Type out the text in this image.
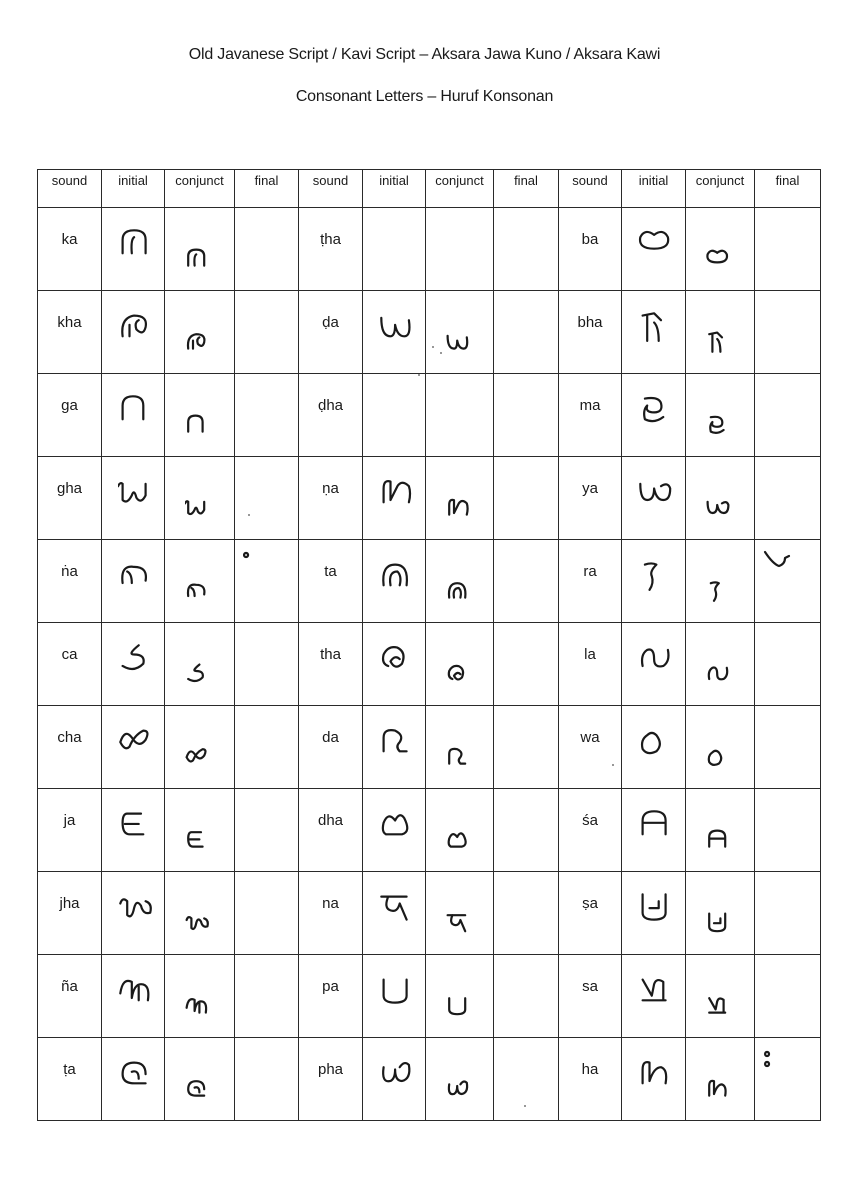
Old Javanese Script / Kavi Script – Aksara Jawa Kuno / Aksara Kawi
Consonant Letters – Huruf Konsonan
sound	initial	conjunct	final	sound	initial	conjunct	final	sound	initial	conjunct	final

ka				ṭha				ba

kha				ḍa				bha

ga				ḍha				ma

gha				ṇa				ya

ṅa				ta				ra

ca				tha				la

cha				da				wa

ja				dha				śa

jha				na				ṣa

ña				pa				sa

ṭa				pha				ha
